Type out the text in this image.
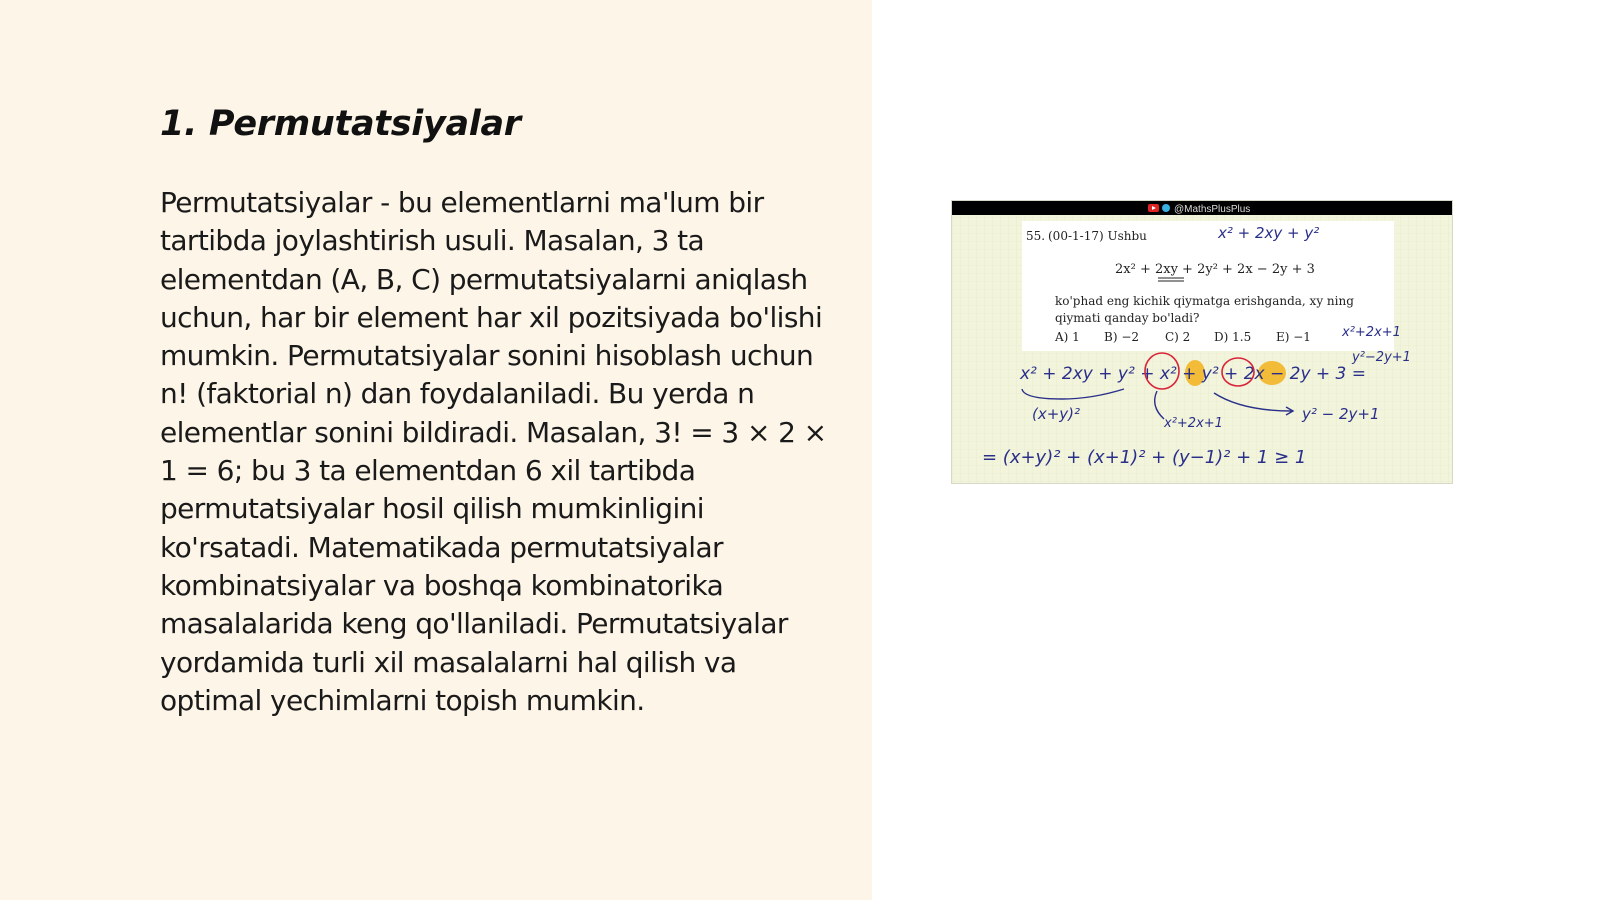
1. Permutatsiyalar

Permutatsiyalar - bu elementlarni ma'lum bir tartibda joylashtirish usuli. Masalan, 3 ta elementdan (A, B, C) permutatsiyalarni aniqlash uchun, har bir element har xil pozitsiyada bo'lishi mumkin. Permutatsiyalar sonini hisoblash uchun n! (faktorial n) dan foydalaniladi. Bu yerda n elementlar sonini bildiradi. Masalan, 3! = 3 × 2 × 1 = 6; bu 3 ta elementdan 6 xil tartibda permutatsiyalar hosil qilish mumkinligini ko'rsatadi. Matematikada permutatsiyalar kombinatsiyalar va boshqa kombinatorika masalalarida keng qo'llaniladi. Permutatsiyalar yordamida turli xil masalalarni hal qilish va optimal yechimlarni topish mumkin.

@MathsPlusPlus
55. (00-1-17) Ushbu
2x² + 2xy + 2y² + 2x − 2y + 3
ko'phad eng kichik qiymatga erishganda, xy ning
qiymati qanday bo'ladi?
A) 1 B) −2 C) 2 D) 1.5 E) −1
x² + 2xy + y²
x²+2x+1
y²−2y+1
x² + 2xy + y² + x² + y² + 2x − 2y + 3 =
(x+y)²
x²+2x+1
y² − 2y+1
= (x+y)² + (x+1)² + (y−1)² + 1 ≥ 1
